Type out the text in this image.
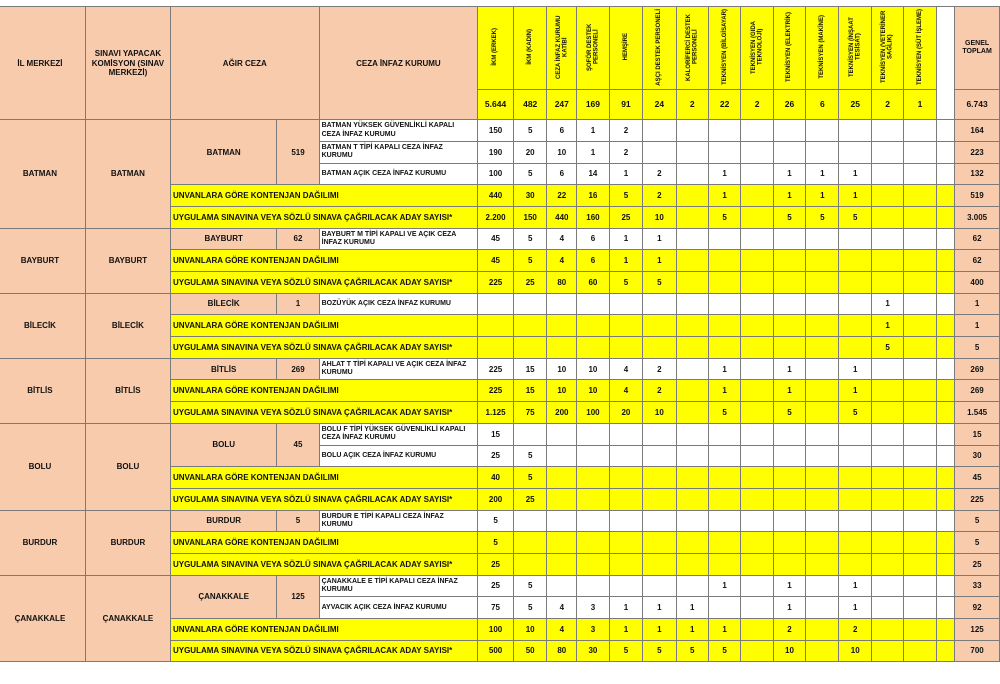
İL MERKEZİ	SINAVI YAPACAK KOMİSYON (SINAV MERKEZİ)	AĞIR CEZA		CEZA İNFAZ KURUMU	İKM (ERKEK)	İKM (KADIN)	CEZA İNFAZ KURUMU KATİBİ	ŞOFÖR DESTEK PERSONELİ	HEMŞİRE	AŞÇI DESTEK PERSONELİ	KALORİFERCİ DESTEK PERSONELİ	TEKNİSYEN (BİLGİSAYAR)	TEKNİSYEN (GIDA TEKNOLOJİ)	TEKNİSYEN (ELEKTRİK)	TEKNİSYEN (MAKİNE)	TEKNİSYEN (İNŞAAT TESİSAT)	TEKNİSYEN (VETERİNER SAĞLIK)	TEKNİSYEN (SÜT İŞLEME)		GENEL TOPLAM
					5.644	482	247	169	91	24	2	22	2	26	6	25	2	1		6.743
BATMAN	BATMAN	BATMAN	519	BATMAN YÜKSEK GÜVENLİKLİ KAPALI CEZA İNFAZ KURUMU	150	5	6	1	2											164
				BATMAN T TİPİ KAPALI CEZA İNFAZ KURUMU	190	20	10	1	2											223
				BATMAN AÇIK CEZA İNFAZ KURUMU	100	5	6	14	1	2		1		1	1	1				132
		UNVANLARA GÖRE KONTENJAN DAĞILIMI			440	30	22	16	5	2		1		1	1	1				519
		UYGULAMA SINAVINA VEYA SÖZLÜ SINAVA ÇAĞRILACAK ADAY SAYISI*			2.200	150	440	160	25	10		5		5	5	5				3.005
BAYBURT	BAYBURT	BAYBURT	62	BAYBURT M TİPİ KAPALI VE AÇIK CEZA İNFAZ KURUMU	45	5	4	6	1	1										62
		UNVANLARA GÖRE KONTENJAN DAĞILIMI			45	5	4	6	1	1										62
		UYGULAMA SINAVINA VEYA SÖZLÜ SINAVA ÇAĞRILACAK ADAY SAYISI*			225	25	80	60	5	5										400
BİLECİK	BİLECİK	BİLECİK	1	BOZÜYÜK AÇIK CEZA İNFAZ KURUMU													1			1
		UNVANLARA GÖRE KONTENJAN DAĞILIMI															1			1
		UYGULAMA SINAVINA VEYA SÖZLÜ SINAVA ÇAĞRILACAK ADAY SAYISI*															5			5
BİTLİS	BİTLİS	BİTLİS	269	AHLAT T TİPİ KAPALI VE AÇIK CEZA İNFAZ KURUMU	225	15	10	10	4	2		1		1		1				269
		UNVANLARA GÖRE KONTENJAN DAĞILIMI			225	15	10	10	4	2		1		1		1				269
		UYGULAMA SINAVINA VEYA SÖZLÜ SINAVA ÇAĞRILACAK ADAY SAYISI*			1.125	75	200	100	20	10		5		5		5				1.545
BOLU	BOLU	BOLU	45	BOLU F TİPİ YÜKSEK GÜVENLİKLİ KAPALI CEZA İNFAZ KURUMU	15															15
				BOLU AÇIK CEZA İNFAZ KURUMU	25	5														30
		UNVANLARA GÖRE KONTENJAN DAĞILIMI			40	5														45
		UYGULAMA SINAVINA VEYA SÖZLÜ SINAVA ÇAĞRILACAK ADAY SAYISI*			200	25														225
BURDUR	BURDUR	BURDUR	5	BURDUR E TİPİ KAPALI CEZA İNFAZ KURUMU	5															5
		UNVANLARA GÖRE KONTENJAN DAĞILIMI			5															5
		UYGULAMA SINAVINA VEYA SÖZLÜ SINAVA ÇAĞRILACAK ADAY SAYISI*			25															25
ÇANAKKALE	ÇANAKKALE	ÇANAKKALE	125	ÇANAKKALE E TİPİ KAPALI CEZA İNFAZ KURUMU	25	5						1		1		1				33
				AYVACIK AÇIK CEZA İNFAZ KURUMU	75	5	4	3	1	1	1			1		1				92
		UNVANLARA GÖRE KONTENJAN DAĞILIMI			100	10	4	3	1	1	1	1		2		2				125
		UYGULAMA SINAVINA VEYA SÖZLÜ SINAVA ÇAĞRILACAK ADAY SAYISI*			500	50	80	30	5	5	5	5		10		10				700
